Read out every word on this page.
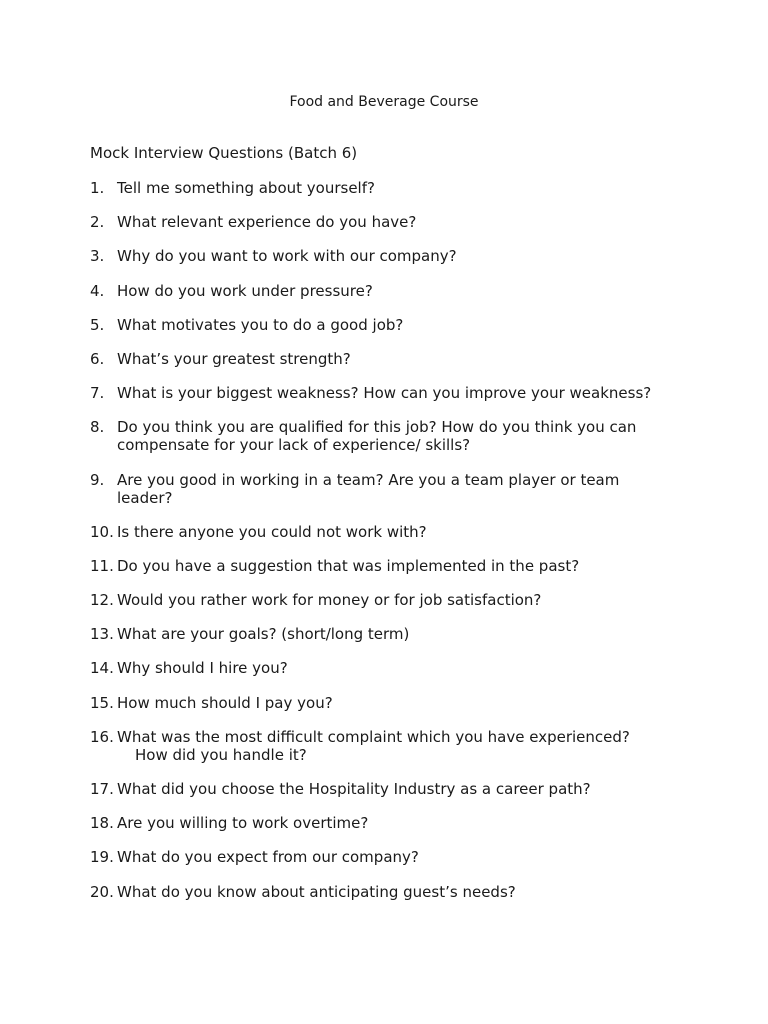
Food and Beverage Course
Mock Interview Questions (Batch 6)
1. Tell me something about yourself?
2. What relevant experience do you have?
3. Why do you want to work with our company?
4. How do you work under pressure?
5. What motivates you to do a good job?
6. What’s your greatest strength?
7. What is your biggest weakness? How can you improve your weakness?
8. Do you think you are qualified for this job? How do you think you can
compensate for your lack of experience/ skills?
9. Are you good in working in a team? Are you a team player or team
leader?
10. Is there anyone you could not work with?
11. Do you have a suggestion that was implemented in the past?
12. Would you rather work for money or for job satisfaction?
13. What are your goals? (short/long term)
14. Why should I hire you?
15. How much should I pay you?
16. What was the most difficult complaint which you have experienced?
How did you handle it?
17. What did you choose the Hospitality Industry as a career path?
18. Are you willing to work overtime?
19. What do you expect from our company?
20. What do you know about anticipating guest’s needs?
